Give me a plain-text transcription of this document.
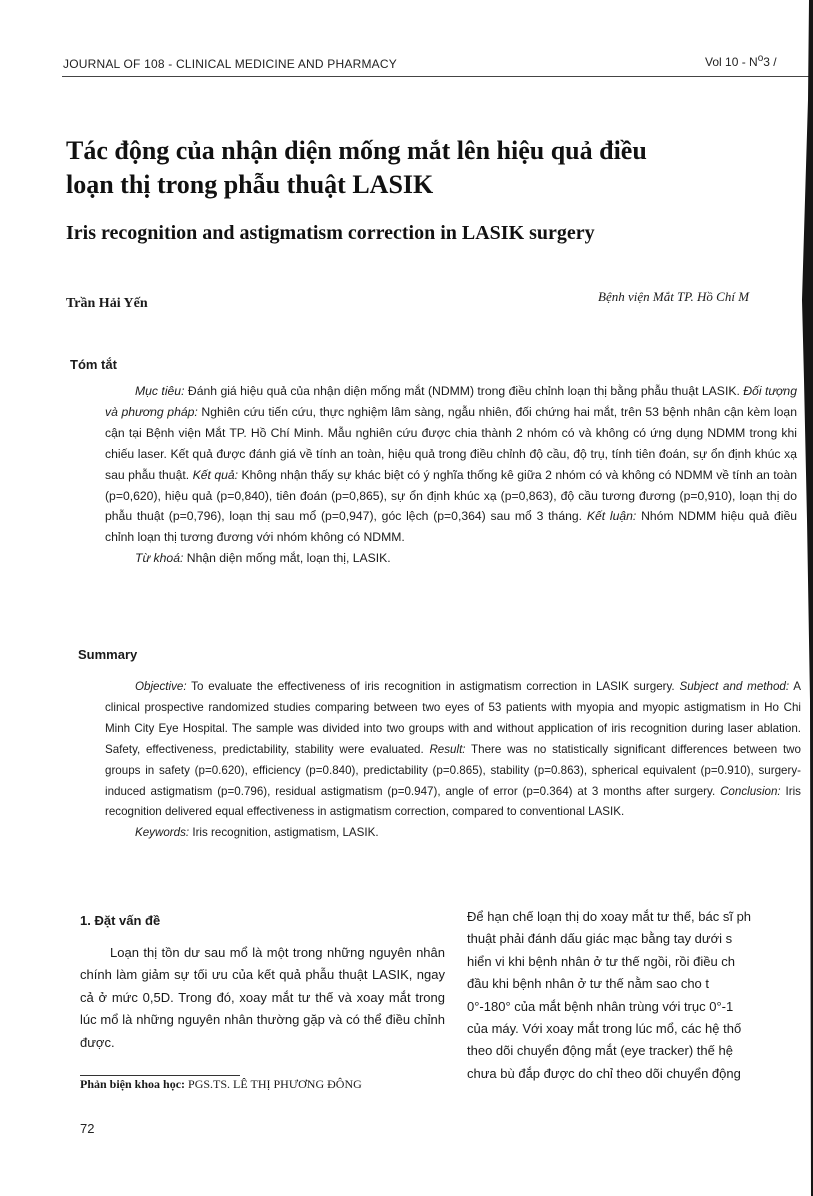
JOURNAL OF 108 - CLINICAL MEDICINE AND PHARMACY	Vol $10 - N^o3$ /
Tác động của nhận diện mống mắt lên hiệu quả điều
loạn thị trong phẫu thuật LASIK
Iris recognition and astigmatism correction in LASIK surgery
Trần Hải Yến	Bệnh viện Mắt TP. Hồ Chí M
Tóm tắt
Mục tiêu: Đánh giá hiệu quả của nhận diện mống mắt (NDMM) trong điều chỉnh loạn thị bằng phẫu thuật LASIK. Đối tượng và phương pháp: Nghiên cứu tiến cứu, thực nghiệm lâm sàng, ngẫu nhiên, đối chứng hai mắt, trên 53 bệnh nhân cận kèm loạn cận tại Bệnh viện Mắt TP. Hồ Chí Minh. Mẫu nghiên cứu được chia thành 2 nhóm có và không có ứng dụng NDMM trong khi chiếu laser. Kết quả được đánh giá về tính an toàn, hiệu quả trong điều chỉnh độ cầu, độ trụ, tính tiên đoán, sự ổn định khúc xạ sau phẫu thuật. Kết quả: Không nhận thấy sự khác biệt có ý nghĩa thống kê giữa 2 nhóm có và không có NDMM về tính an toàn (p=0,620), hiệu quả (p=0,840), tiên đoán (p=0,865), sự ổn định khúc xạ (p=0,863), độ cầu tương đương (p=0,910), loạn thị do phẫu thuật (p=0,796), loạn thị sau mổ (p=0,947), góc lệch (p=0,364) sau mổ 3 tháng. Kết luận: Nhóm NDMM hiệu quả điều chỉnh loạn thị tương đương với nhóm không có NDMM.
Từ khoá: Nhận diện mống mắt, loạn thị, LASIK.
Summary
Objective: To evaluate the effectiveness of iris recognition in astigmatism correction in LASIK surgery. Subject and method: A clinical prospective randomized studies comparing between two eyes of 53 patients with myopia and myopic astigmatism in Ho Chi Minh City Eye Hospital. The sample was divided into two groups with and without application of iris recognition during laser ablation. Safety, effectiveness, predictability, stability were evaluated. Result: There was no statistically significant differences between two groups in safety (p=0.620), efficiency (p=0.840), predictability (p=0.865), stability (p=0.863), spherical equivalent (p=0.910), surgery-induced astigmatism (p=0.796), residual astigmatism (p=0.947), angle of error (p=0.364) at 3 months after surgery. Conclusion: Iris recognition delivered equal effectiveness in astigmatism correction, compared to conventional LASIK.
Keywords: Iris recognition, astigmatism, LASIK.
1. Đặt vấn đề
Loạn thị tồn dư sau mổ là một trong những nguyên nhân chính làm giảm sự tối ưu của kết quả phẫu thuật LASIK, ngay cả ở mức 0,5D. Trong đó, xoay mắt tư thế và xoay mắt trong lúc mổ là những nguyên nhân thường gặp và có thể điều chỉnh được.
Để hạn chế loạn thị do xoay mắt tư thế, bác sĩ ph
thuật phải đánh dấu giác mạc bằng tay dưới s
hiển vi khi bệnh nhân ở tư thế ngồi, rồi điều ch
đầu khi bệnh nhân ở tư thế nằm sao cho t
0°-180° của mắt bệnh nhân trùng với trục 0°-1
của máy. Với xoay mắt trong lúc mổ, các hệ thố
theo dõi chuyển động mắt (eye tracker) thế hệ
chưa bù đắp được do chỉ theo dõi chuyển động
Phản biện khoa học: PGS.TS. LÊ THỊ PHƯƠNG ĐÔNG
72
